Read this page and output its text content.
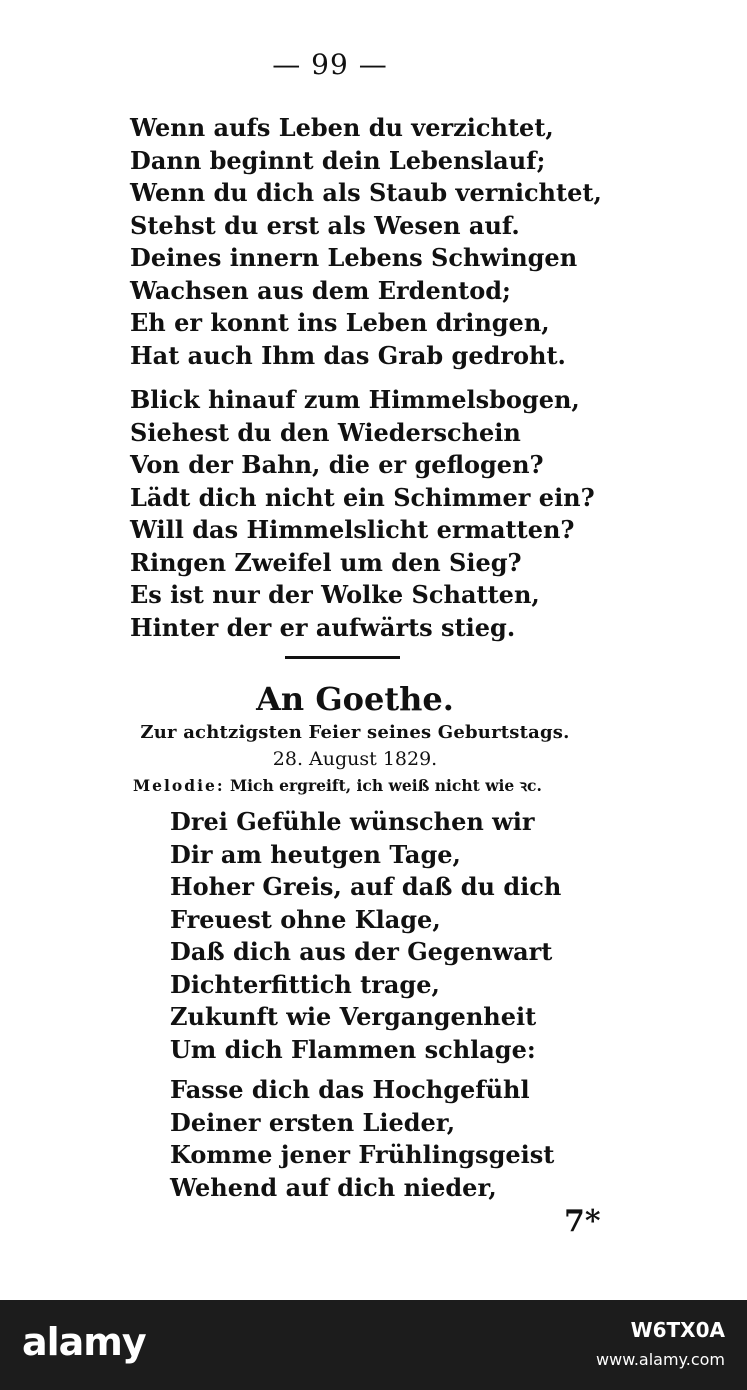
— 99 —
Wenn aufs Leben du verzichtet,
Dann beginnt dein Lebenslauf;
Wenn du dich als Staub vernichtet,
Stehst du erst als Wesen auf.
Deines innern Lebens Schwingen
Wachsen aus dem Erdentod;
Eh er konnt ins Leben dringen,
Hat auch Ihm das Grab gedroht.
Blick hinauf zum Himmelsbogen,
Siehest du den Wiederschein
Von der Bahn, die er geflogen?
Lädt dich nicht ein Schimmer ein?
Will das Himmelslicht ermatten?
Ringen Zweifel um den Sieg?
Es ist nur der Wolke Schatten,
Hinter der er aufwärts stieg.
An Goethe.
Zur achtzigsten Feier seines Geburtstags.
28. August 1829.
Melodie: Mich ergreift, ich weiß nicht wie ꝛc.
Drei Gefühle wünschen wir
Dir am heutgen Tage,
Hoher Greis, auf daß du dich
Freuest ohne Klage,
Daß dich aus der Gegenwart
Dichterfittich trage,
Zukunft wie Vergangenheit
Um dich Flammen schlage:
Fasse dich das Hochgefühl
Deiner ersten Lieder,
Komme jener Frühlingsgeist
Wehend auf dich nieder,
7*
alamy	W6TX0A
www.alamy.com
